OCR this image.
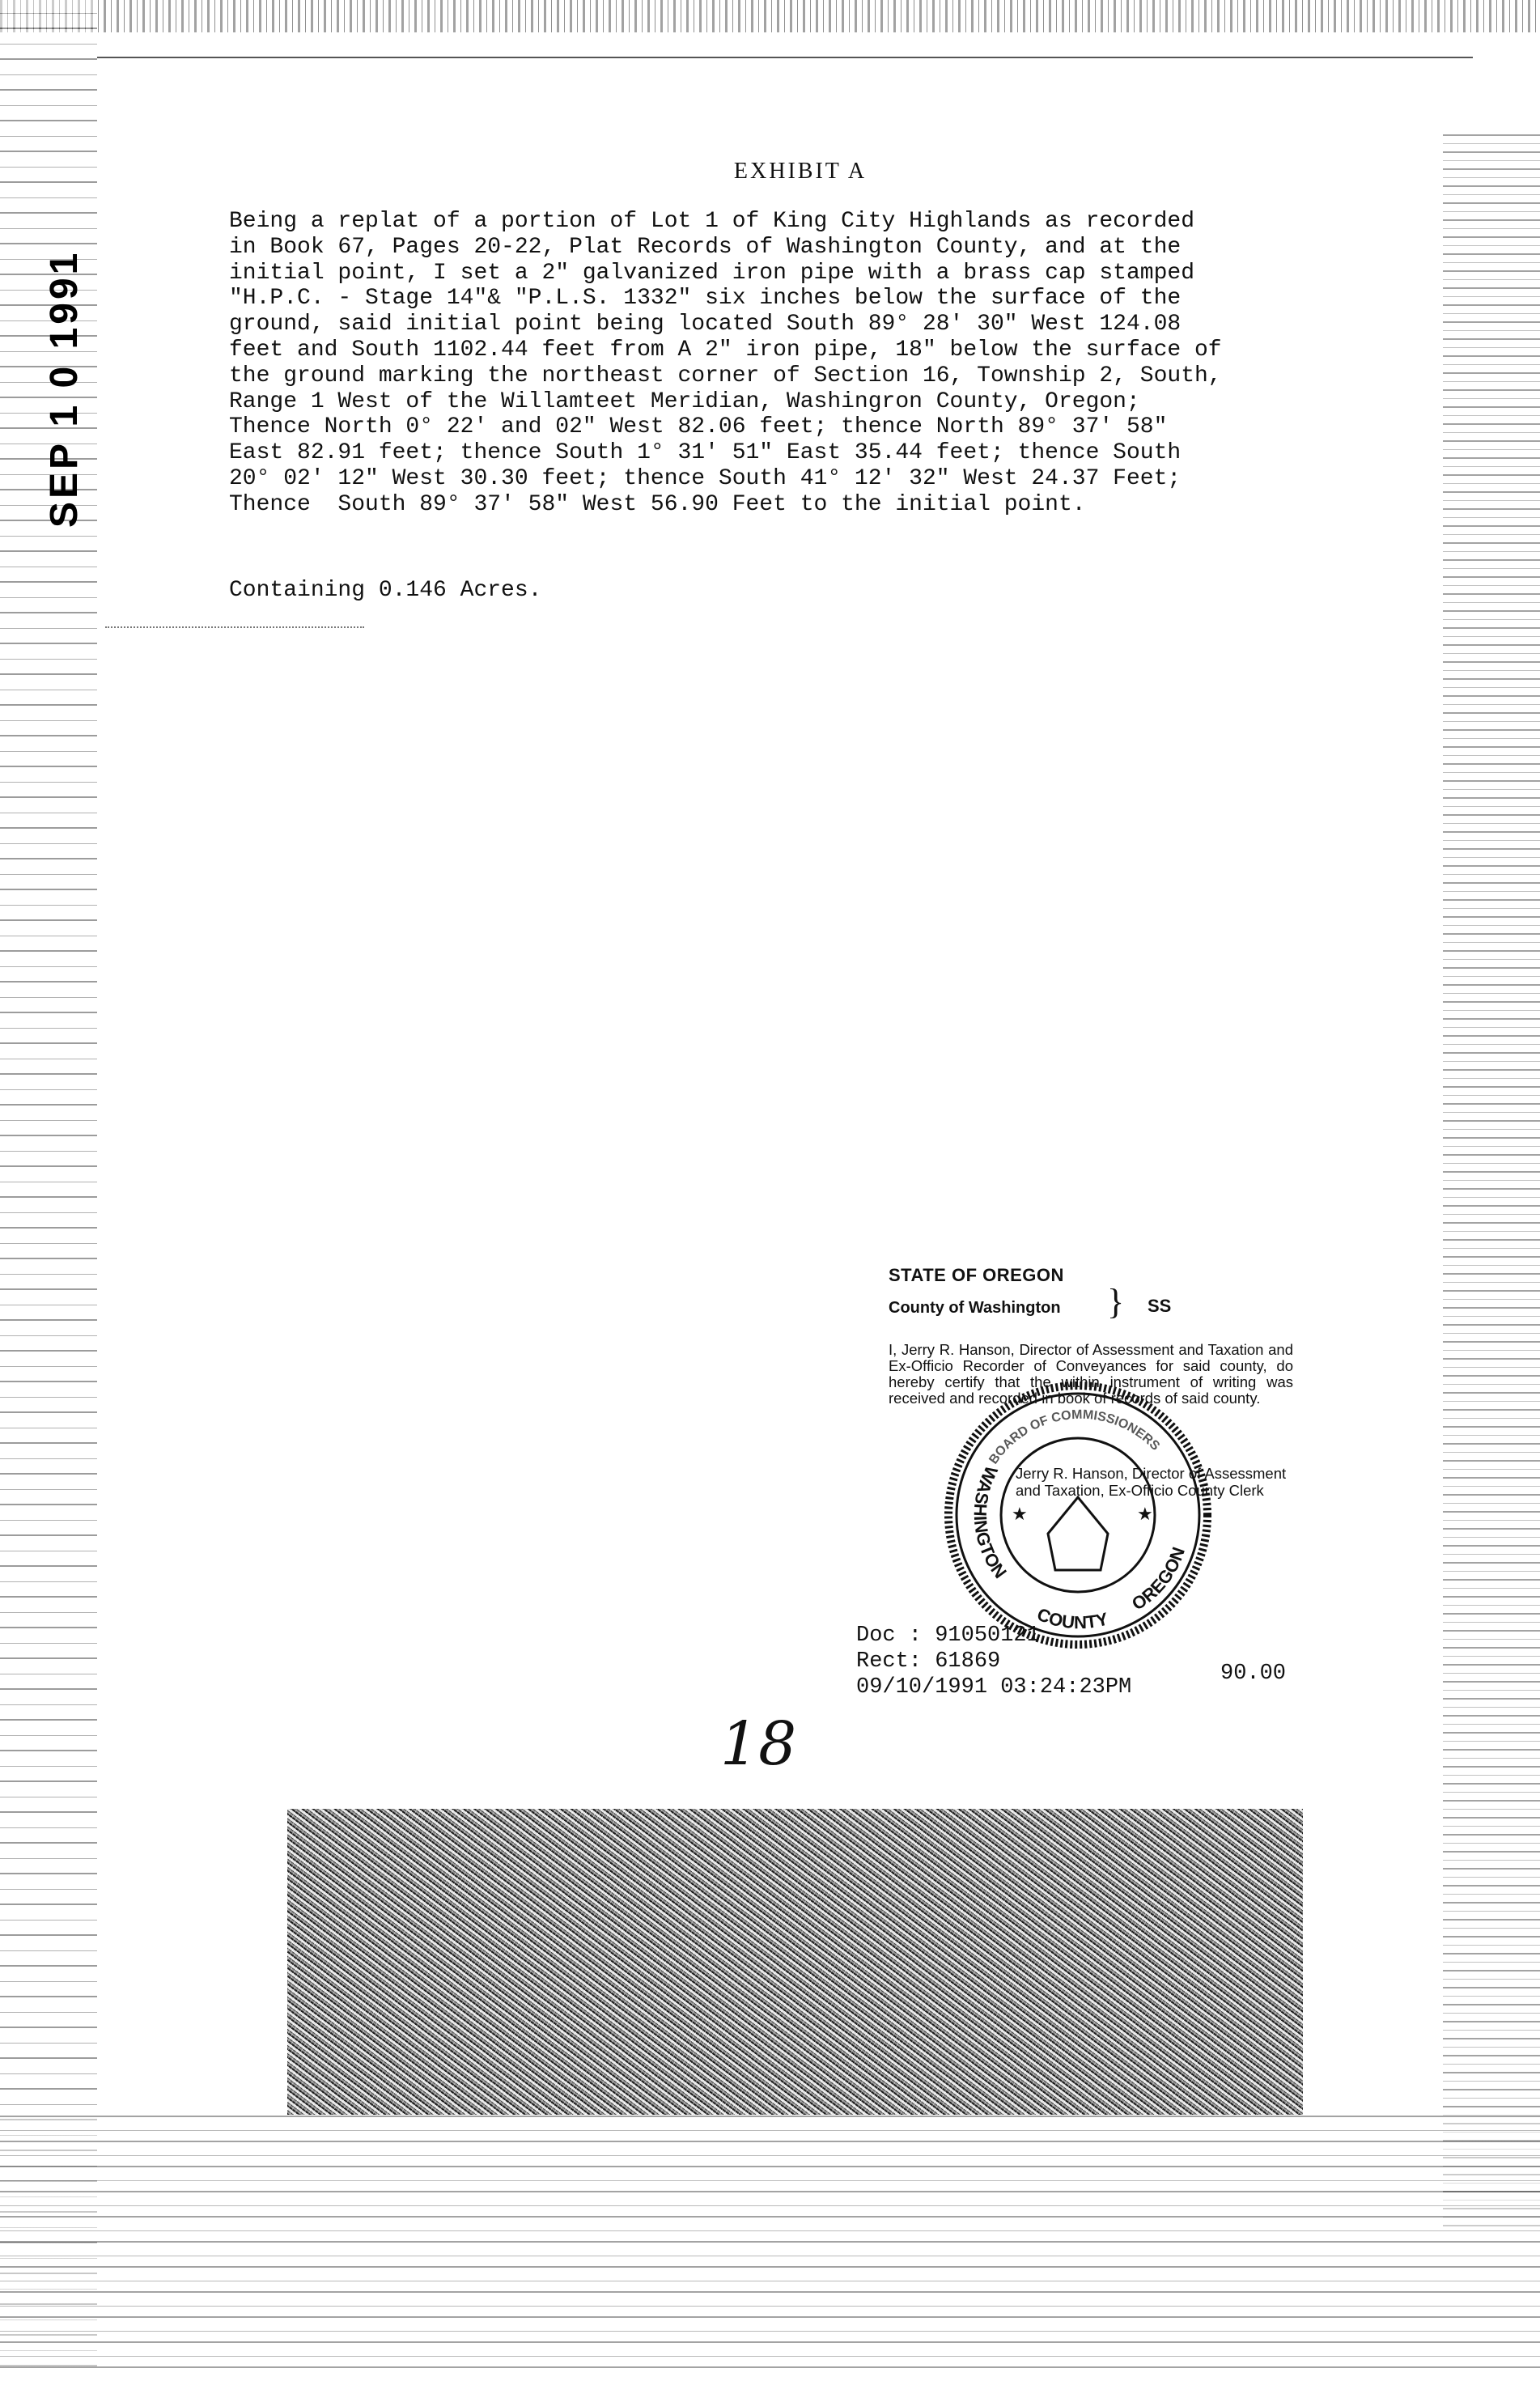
SEP 1 0 1991
EXHIBIT A
Being a replat of a portion of Lot 1 of King City Highlands as recorded
in Book 67, Pages 20-22, Plat Records of Washington County, and at the
initial point, I set a 2" galvanized iron pipe with a brass cap stamped
"H.P.C. - Stage 14"& "P.L.S. 1332" six inches below the surface of the
ground, said initial point being located South 89° 28' 30" West 124.08
feet and South 1102.44 feet from A 2" iron pipe, 18" below the surface of
the ground marking the northeast corner of Section 16, Township 2, South,
Range 1 West of the Willamteet Meridian, Washingron County, Oregon;
Thence North 0° 22' and 02" West 82.06 feet; thence North 89° 37' 58"
East 82.91 feet; thence South 1° 31' 51" East 35.44 feet; thence South
20° 02' 12" West 30.30 feet; thence South 41° 12' 32" West 24.37 Feet;
Thence  South 89° 37' 58" West 56.90 Feet to the initial point.
Containing 0.146 Acres.
STATE OF OREGON
County of Washington } SS
I, Jerry R. Hanson, Director of Assessment and Taxation and Ex-Officio Recorder of Conveyances for said county, do hereby certify that the within instrument of writing was received and recorded in book of records of said county.
WASHINGTON
COUNTY
OREGON
BOARD OF COMMISSIONERS
★	★
Jerry R. Hanson, Director of Assessment and Taxation, Ex-Officio County Clerk
Doc : 91050121
Rect: 61869
09/10/1991 03:24:23PM
90.00
18
